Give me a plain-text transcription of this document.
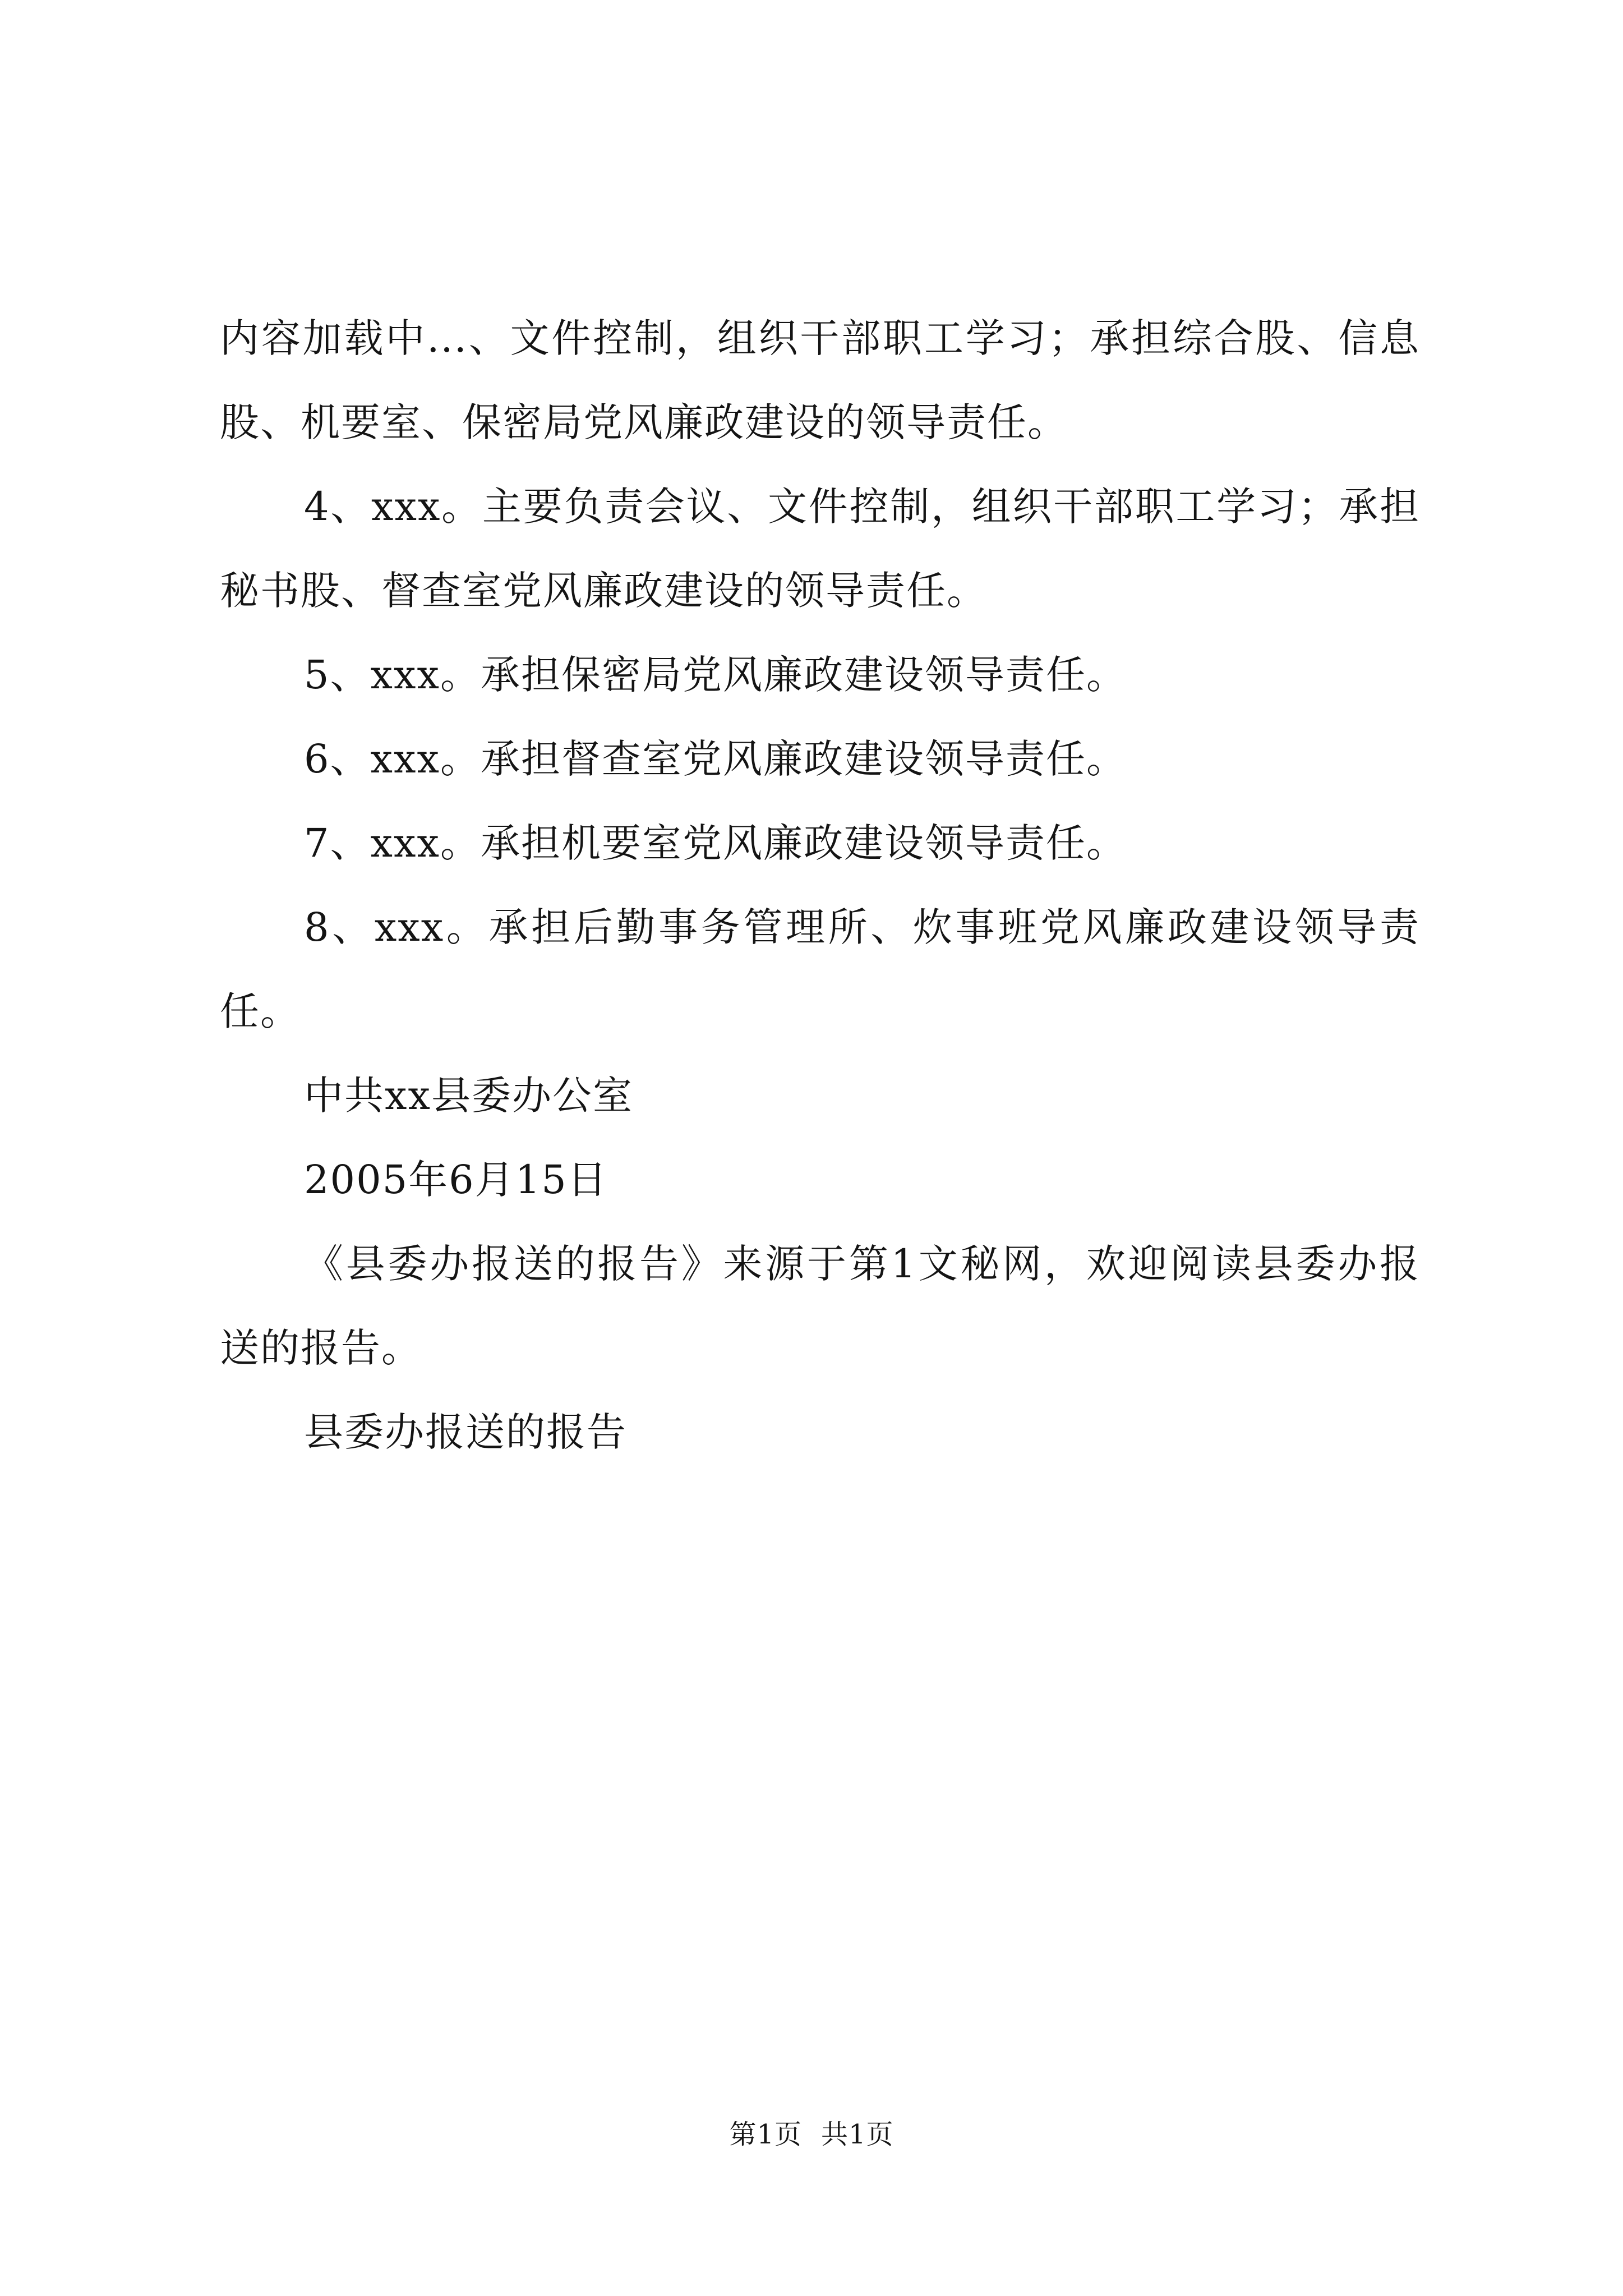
内容加载中...、文件控制，组织干部职工学习；承担综合股、信息股、机要室、保密局党风廉政建设的领导责任。

4、xxx。主要负责会议、文件控制，组织干部职工学习；承担秘书股、督查室党风廉政建设的领导责任。

5、xxx。承担保密局党风廉政建设领导责任。

6、xxx。承担督查室党风廉政建设领导责任。

7、xxx。承担机要室党风廉政建设领导责任。

8、xxx。承担后勤事务管理所、炊事班党风廉政建设领导责任。

中共xx县委办公室

2005年6月15日

《县委办报送的报告》来源于第1文秘网，欢迎阅读县委办报送的报告。

县委办报送的报告

第1页 共1页
